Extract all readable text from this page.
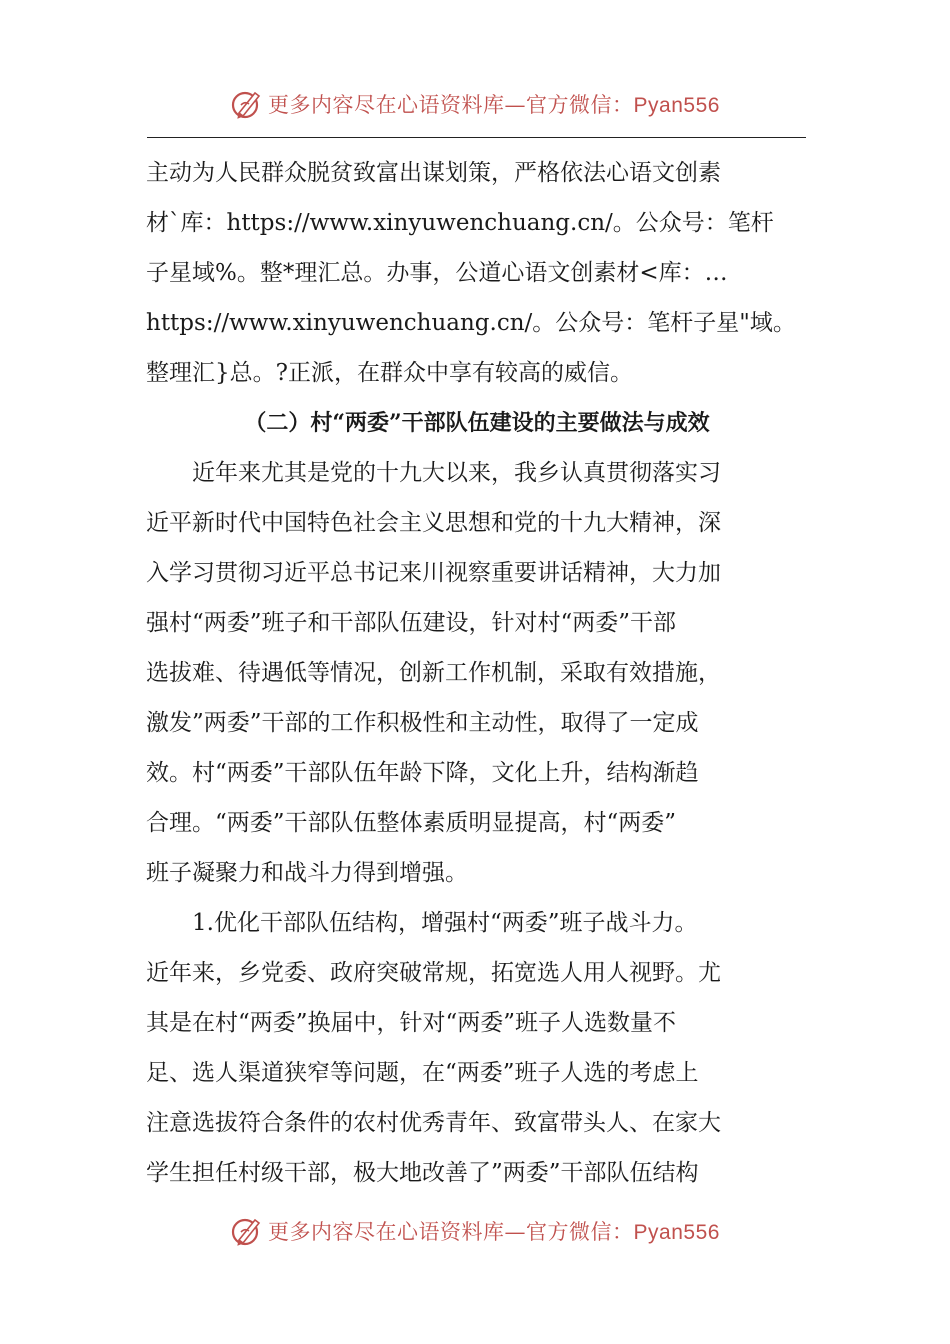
更多内容尽在心语资料库—官方微信：Pyan556
主动为人民群众脱贫致富出谋划策，严格依法心语文创素
材`库：https://www.xinyuwenchuang.cn/。公众号：笔杆
子星域%。整*理汇总。办事，公道心语文创素材<库：…
https://www.xinyuwenchuang.cn/。公众号：笔杆子星"域。
整理汇}总。?正派，在群众中享有较高的威信。
（二）村“两委”干部队伍建设的主要做法与成效
近年来尤其是党的十九大以来，我乡认真贯彻落实习
近平新时代中国特色社会主义思想和党的十九大精神，深
入学习贯彻习近平总书记来川视察重要讲话精神，大力加
强村“两委”班子和干部队伍建设，针对村“两委”干部
选拔难、待遇低等情况，创新工作机制，采取有效措施，
激发”两委”干部的工作积极性和主动性，取得了一定成
效。村“两委”干部队伍年龄下降，文化上升，结构渐趋
合理。“两委”干部队伍整体素质明显提高，村“两委”
班子凝聚力和战斗力得到增强。
1.优化干部队伍结构，增强村“两委”班子战斗力。
近年来，乡党委、政府突破常规，拓宽选人用人视野。尤
其是在村“两委”换届中，针对“两委”班子人选数量不
足、选人渠道狭窄等问题，在“两委”班子人选的考虑上
注意选拔符合条件的农村优秀青年、致富带头人、在家大
学生担任村级干部，极大地改善了”两委”干部队伍结构
更多内容尽在心语资料库—官方微信：Pyan556
